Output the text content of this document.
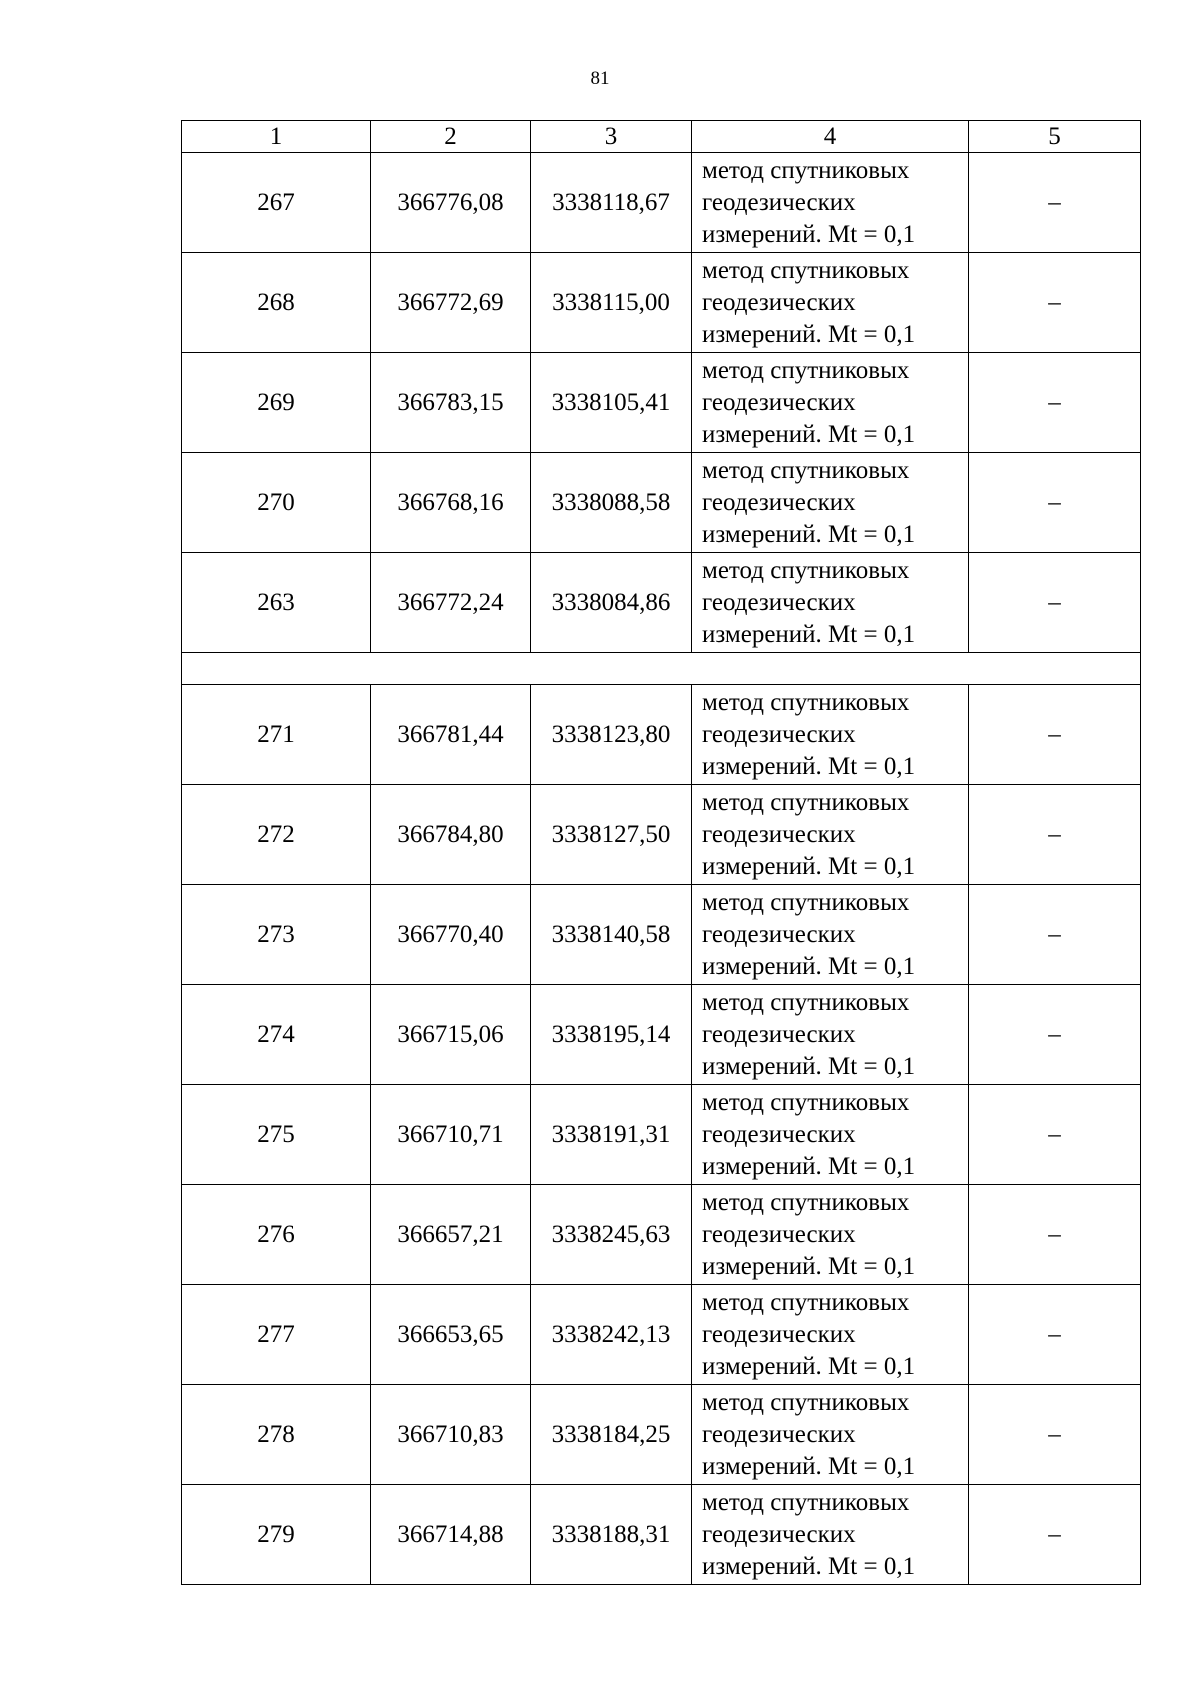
81
1	2	3	4	5
267	366776,08	3338118,67	метод спутниковых
геодезических
измерений. Mt = 0,1	–
268	366772,69	3338115,00	метод спутниковых
геодезических
измерений. Mt = 0,1	–
269	366783,15	3338105,41	метод спутниковых
геодезических
измерений. Mt = 0,1	–
270	366768,16	3338088,58	метод спутниковых
геодезических
измерений. Mt = 0,1	–
263	366772,24	3338084,86	метод спутниковых
геодезических
измерений. Mt = 0,1	–

271	366781,44	3338123,80	метод спутниковых
геодезических
измерений. Mt = 0,1	–
272	366784,80	3338127,50	метод спутниковых
геодезических
измерений. Mt = 0,1	–
273	366770,40	3338140,58	метод спутниковых
геодезических
измерений. Mt = 0,1	–
274	366715,06	3338195,14	метод спутниковых
геодезических
измерений. Mt = 0,1	–
275	366710,71	3338191,31	метод спутниковых
геодезических
измерений. Mt = 0,1	–
276	366657,21	3338245,63	метод спутниковых
геодезических
измерений. Mt = 0,1	–
277	366653,65	3338242,13	метод спутниковых
геодезических
измерений. Mt = 0,1	–
278	366710,83	3338184,25	метод спутниковых
геодезических
измерений. Mt = 0,1	–
279	366714,88	3338188,31	метод спутниковых
геодезических
измерений. Mt = 0,1	–
